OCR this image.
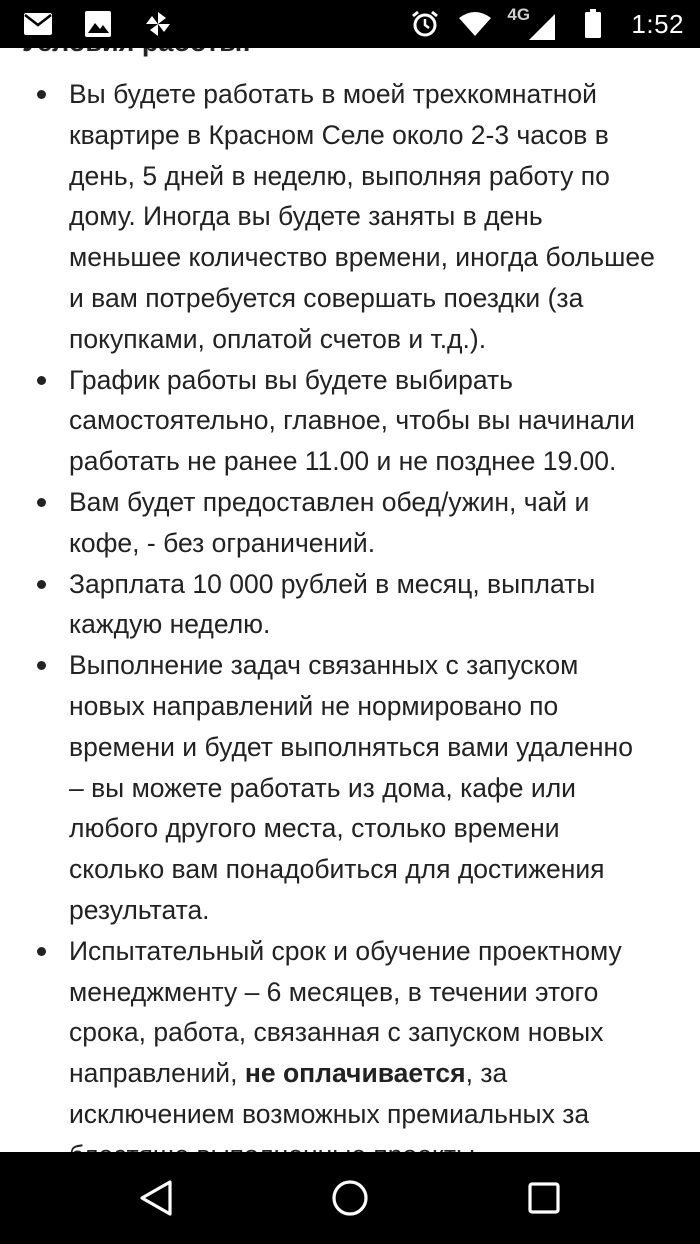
Вы будете работать в моей трехкомнатной
квартире в Красном Селе около 2-3 часов в
день, 5 дней в неделю, выполняя работу по
дому. Иногда вы будете заняты в день
меньшее количество времени, иногда большее
и вам потребуется совершать поездки (за
покупками, оплатой счетов и т.д.).
График работы вы будете выбирать
самостоятельно, главное, чтобы вы начинали
работать не ранее 11.00 и не позднее 19.00.
Вам будет предоставлен обед/ужин, чай и
кофе, - без ограничений.
Зарплата 10 000 рублей в месяц, выплаты
каждую неделю.
Выполнение задач связанных с запуском
новых направлений не нормировано по
времени и будет выполняться вами удаленно
– вы можете работать из дома, кафе или
любого другого места, столько времени
сколько вам понадобиться для достижения
результата.
Испытательный срок и обучение проектному
менеджменту – 6 месяцев, в течении этого
срока, работа, связанная с запуском новых
направлений, не оплачивается, за
исключением возможных премиальных за
4G	1:52
